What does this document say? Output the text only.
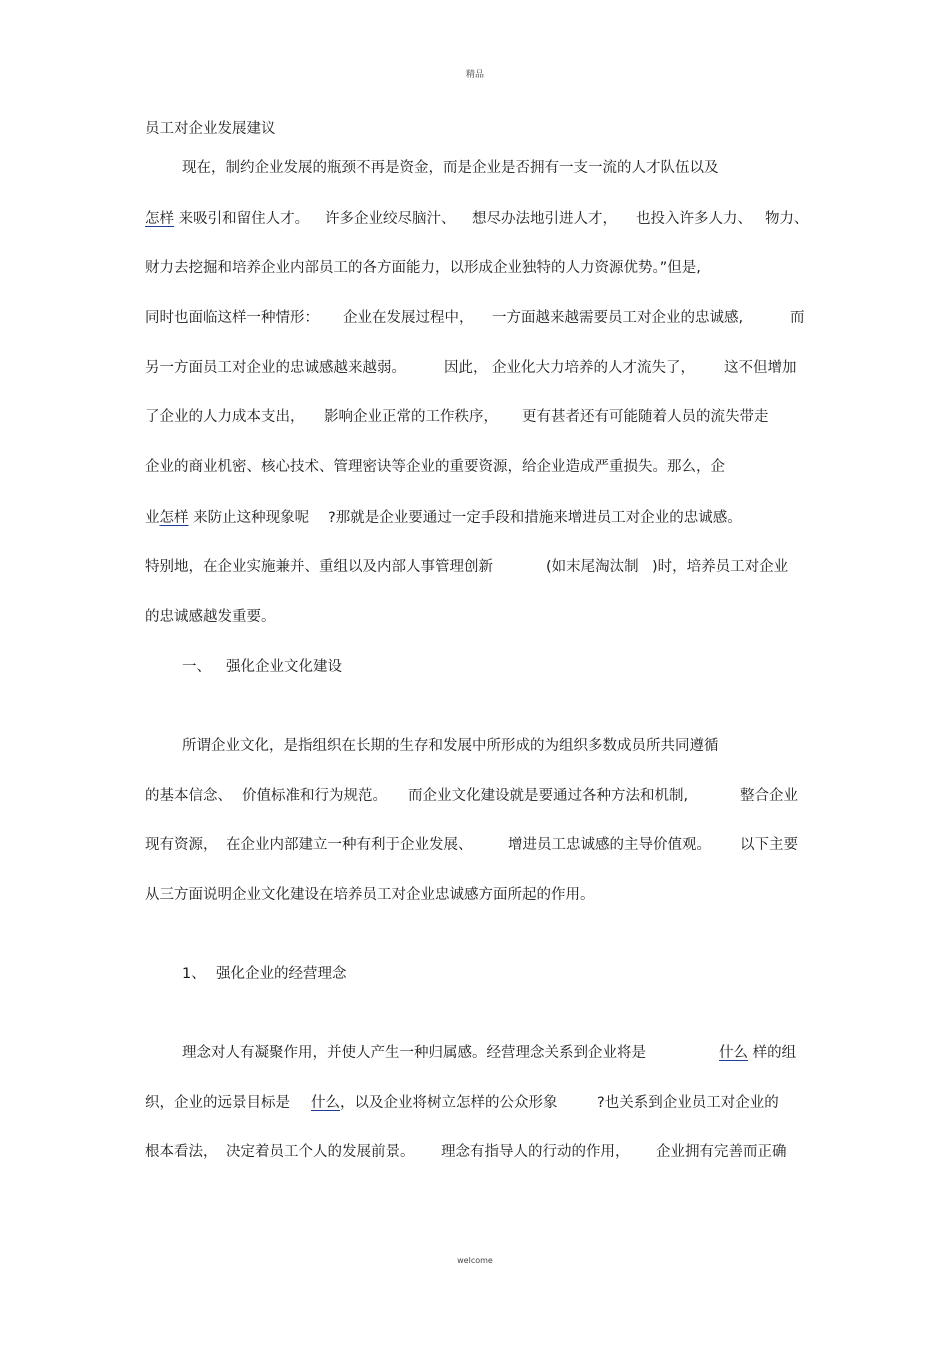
精品
员工对企业发展建议
现在，制约企业发展的瓶颈不再是资金，而是企业是否拥有一支一流的人才队伍以及
怎样 来吸引和留住人才。 许多企业绞尽脑汁、 想尽办法地引进人才， 也投入许多人力、 物力、
财力去挖掘和培养企业内部员工的各方面能力，以形成企业独特的人力资源优势。”但是,
同时也面临这样一种情形： 企业在发展过程中， 一方面越来越需要员工对企业的忠诚感,	而
另一方面员工对企业的忠诚感越来越弱。	因此， 企业化大力培养的人才流失了， 这不但增加
了企业的人力成本支出， 影响企业正常的工作秩序， 更有甚者还有可能随着人员的流失带走
企业的商业机密、核心技术、管理密诀等企业的重要资源，给企业造成严重损失。那么，企
业怎样 来防止这种现象呢 ?那就是企业要通过一定手段和措施来增进员工对企业的忠诚感。
特别地，在企业实施兼并、重组以及内部人事管理创新	(如末尾淘汰制 )时，培养员工对企业
的忠诚感越发重要。
一、 强化企业文化建设
所谓企业文化，是指组织在长期的生存和发展中所形成的为组织多数成员所共同遵循
的基本信念、 价值标准和行为规范。 而企业文化建设就是要通过各种方法和机制,	整合企业
现有资源， 在企业内部建立一种有利于企业发展、 增进员工忠诚感的主导价值观。 以下主要
从三方面说明企业文化建设在培养员工对企业忠诚感方面所起的作用。
1、 强化企业的经营理念
理念对人有凝聚作用，并使人产生一种归属感。经营理念关系到企业将是	什么 样的组
织，企业的远景目标是 什么，以及企业将树立怎样的公众形象	?也关系到企业员工对企业的
根本看法， 决定着员工个人的发展前景。 理念有指导人的行动的作用， 企业拥有完善而正确
welcome
